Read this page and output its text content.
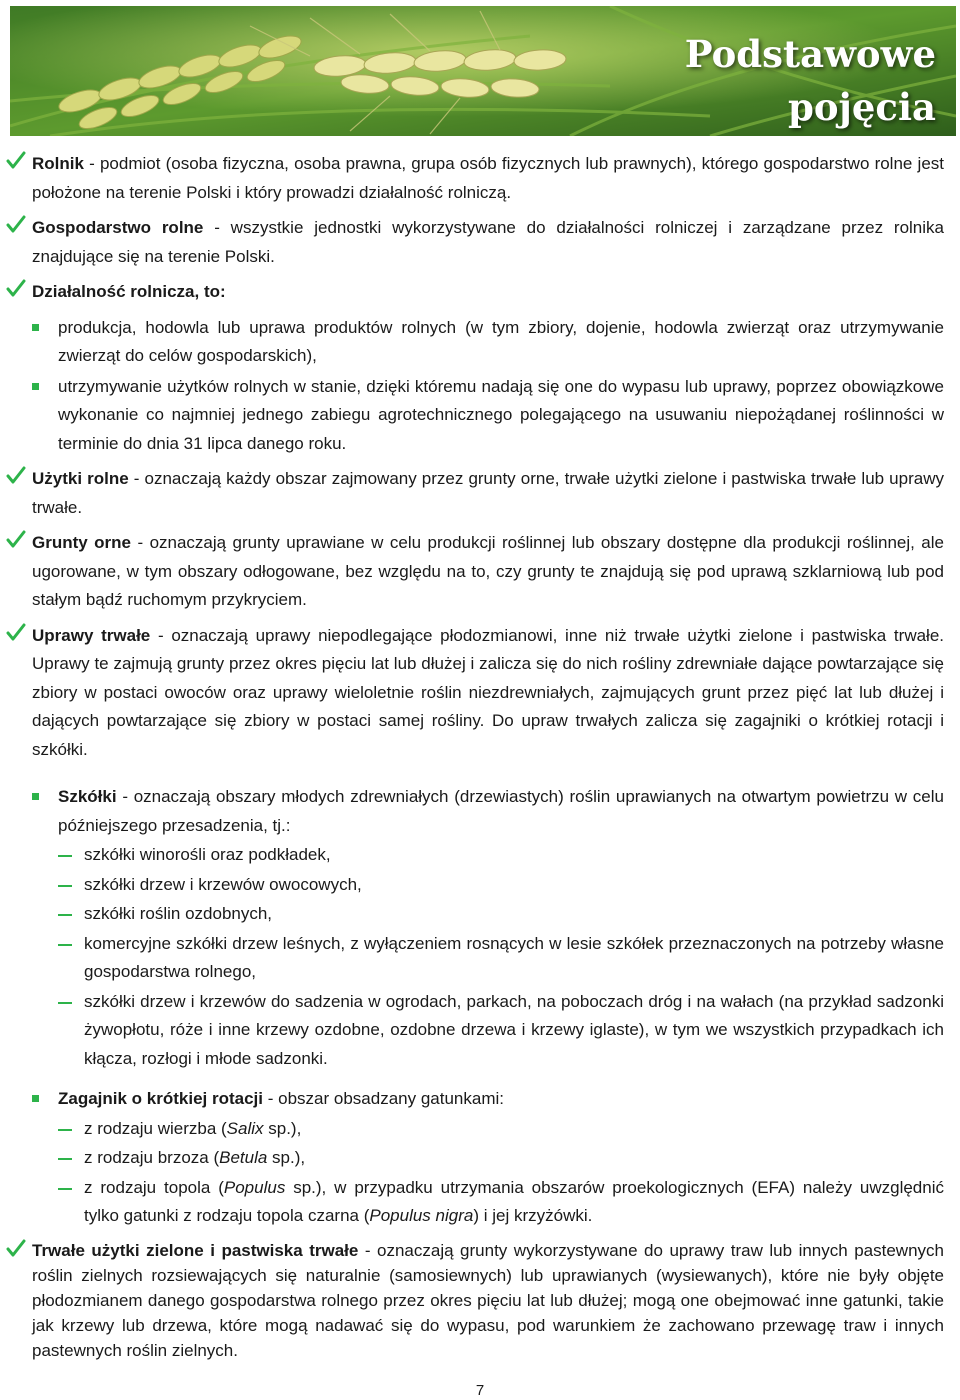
Podstawowe
pojęcia
Rolnik - podmiot (osoba fizyczna, osoba prawna, grupa osób fizycznych lub prawnych), którego gospodarstwo rolne jest położone na terenie Polski i który prowadzi działalność rolniczą.
Gospodarstwo rolne - wszystkie jednostki wykorzystywane do działalności rolniczej i zarządzane przez rolnika znajdujące się na terenie Polski.
Działalność rolnicza, to:
produkcja, hodowla lub uprawa produktów rolnych (w tym zbiory, dojenie, hodowla zwierząt oraz utrzymywanie zwierząt do celów gospodarskich),
utrzymywanie użytków rolnych w stanie, dzięki któremu nadają się one do wypasu lub uprawy, poprzez obowiązkowe wykonanie co najmniej jednego zabiegu agrotechnicznego polegającego na usuwaniu niepożądanej roślinności w terminie do dnia 31 lipca danego roku.
Użytki rolne - oznaczają każdy obszar zajmowany przez grunty orne, trwałe użytki zielone i pastwiska trwałe lub uprawy trwałe.
Grunty orne - oznaczają grunty uprawiane w celu produkcji roślinnej lub obszary dostępne dla produkcji roślinnej, ale ugorowane, w tym obszary odłogowane, bez względu na to, czy grunty te znajdują się pod uprawą szklarniową lub pod stałym bądź ruchomym przykryciem.
Uprawy trwałe - oznaczają uprawy niepodlegające płodozmianowi, inne niż trwałe użytki zielone i pastwiska trwałe. Uprawy te zajmują grunty przez okres pięciu lat lub dłużej i zalicza się do nich rośliny zdrewniałe dające powtarzające się zbiory w postaci owoców oraz uprawy wieloletnie roślin niezdrewniałych, zajmujących grunt przez pięć lat lub dłużej i dających powtarzające się zbiory w postaci samej rośliny. Do upraw trwałych zalicza się zagajniki o krótkiej rotacji i szkółki.
Szkółki - oznaczają obszary młodych zdrewniałych (drzewiastych) roślin uprawianych na otwartym powietrzu w celu późniejszego przesadzenia, tj.:
szkółki winorośli oraz podkładek,
szkółki drzew i krzewów owocowych,
szkółki roślin ozdobnych,
komercyjne szkółki drzew leśnych, z wyłączeniem rosnących w lesie szkółek przeznaczonych na potrzeby własne gospodarstwa rolnego,
szkółki drzew i krzewów do sadzenia w ogrodach, parkach, na poboczach dróg i na wałach (na przykład sadzonki żywopłotu, róże i inne krzewy ozdobne, ozdobne drzewa i krzewy iglaste), w tym we wszystkich przypadkach ich kłącza, rozłogi i młode sadzonki.
Zagajnik o krótkiej rotacji - obszar obsadzany gatunkami:
z rodzaju wierzba (Salix sp.),
z rodzaju brzoza (Betula sp.),
z rodzaju topola (Populus sp.), w przypadku utrzymania obszarów proekologicznych (EFA) należy uwzględnić tylko gatunki z rodzaju topola czarna (Populus nigra) i jej krzyżówki.
Trwałe użytki zielone i pastwiska trwałe - oznaczają grunty wykorzystywane do uprawy traw lub innych pastewnych roślin zielnych rozsiewających się naturalnie (samosiewnych) lub uprawianych (wysiewanych), które nie były objęte płodozmianem danego gospodarstwa rolnego przez okres pięciu lat lub dłużej; mogą one obejmować inne gatunki, takie jak krzewy lub drzewa, które mogą nadawać się do wypasu, pod warunkiem że zachowano przewagę traw i innych pastewnych roślin zielnych.
7
